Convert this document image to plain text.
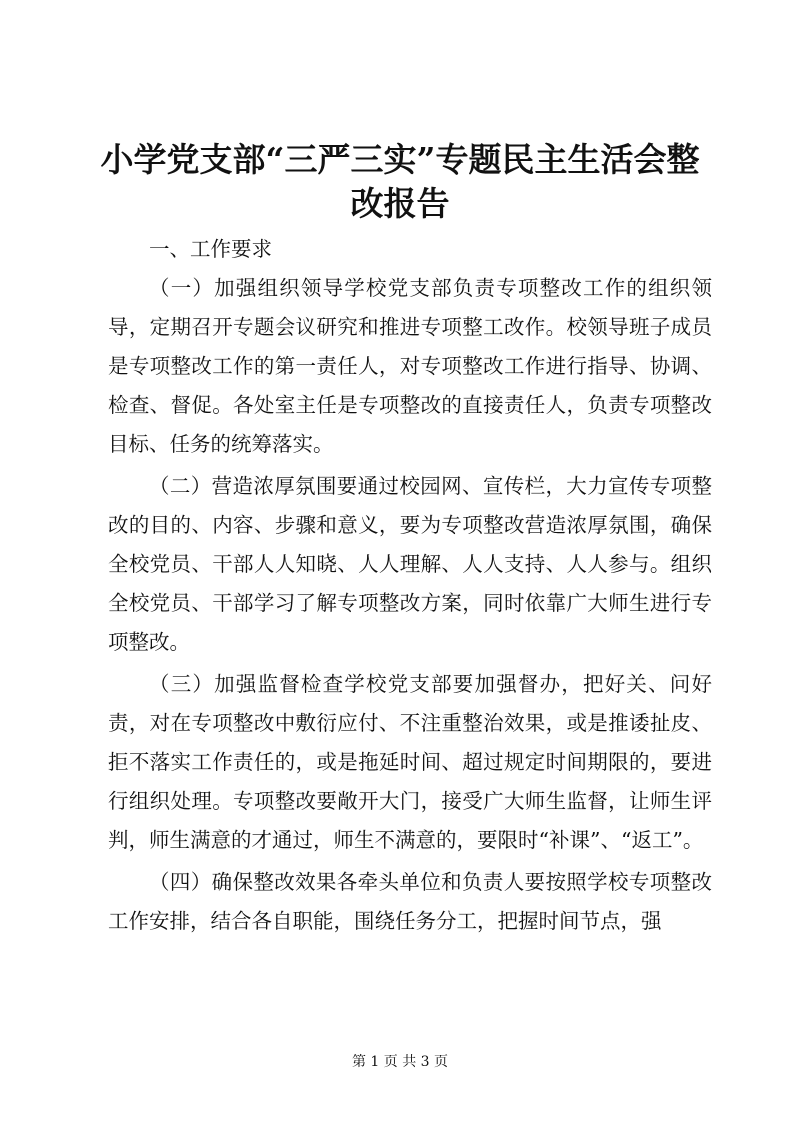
小学党支部“三严三实”专题民主生活会整改报告

一、工作要求

（一）加强组织领导学校党支部负责专项整改工作的组织领导，定期召开专题会议研究和推进专项整工改作。校领导班子成员是专项整改工作的第一责任人，对专项整改工作进行指导、协调、检查、督促。各处室主任是专项整改的直接责任人，负责专项整改目标、任务的统筹落实。

（二）营造浓厚氛围要通过校园网、宣传栏，大力宣传专项整改的目的、内容、步骤和意义，要为专项整改营造浓厚氛围，确保全校党员、干部人人知晓、人人理解、人人支持、人人参与。组织全校党员、干部学习了解专项整改方案，同时依靠广大师生进行专项整改。

（三）加强监督检查学校党支部要加强督办，把好关、问好责，对在专项整改中敷衍应付、不注重整治效果，或是推诿扯皮、拒不落实工作责任的，或是拖延时间、超过规定时间期限的，要进行组织处理。专项整改要敞开大门，接受广大师生监督，让师生评判，师生满意的才通过，师生不满意的，要限时“补课”、“返工”。

（四）确保整改效果各牵头单位和负责人要按照学校专项整改工作安排，结合各自职能，围绕任务分工，把握时间节点，强

第 1 页 共 3 页
